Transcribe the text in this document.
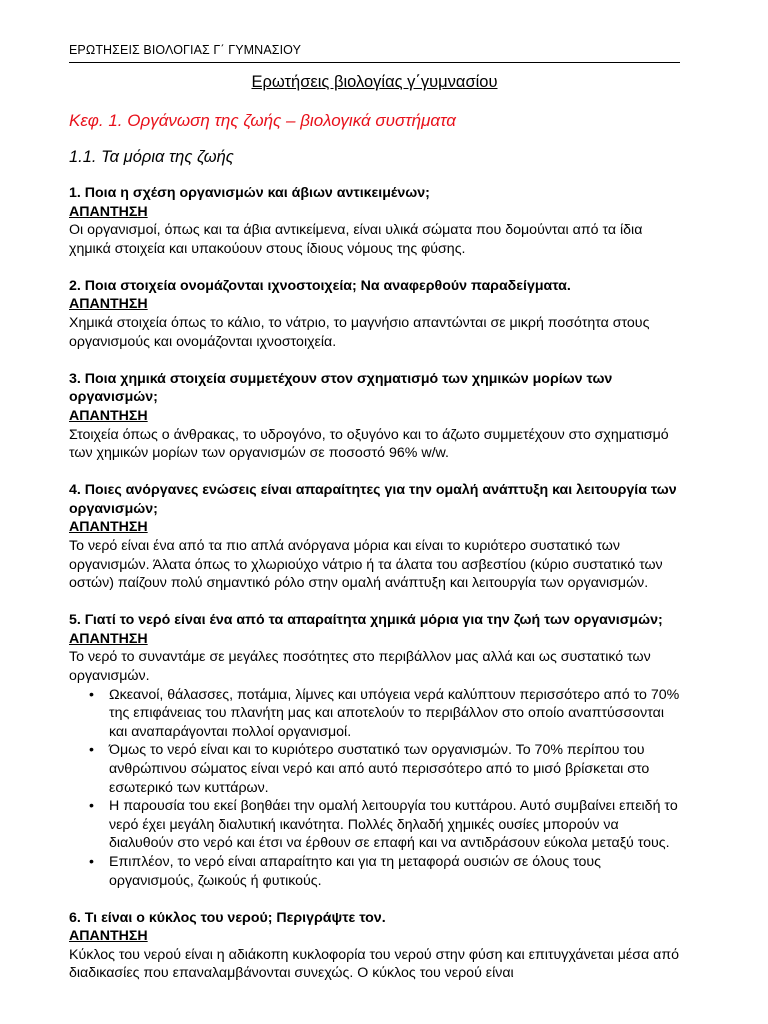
ΕΡΩΤΗΣΕΙΣ ΒΙΟΛΟΓΙΑΣ Γ΄ ΓΥΜΝΑΣΙΟΥ
Ερωτήσεις βιολογίας γ΄γυμνασίου
Κεφ. 1. Οργάνωση της ζωής – βιολογικά συστήματα
1.1. Τα μόρια της ζωής
1. Ποια η σχέση οργανισμών και άβιων αντικειμένων;
ΑΠΑΝΤΗΣΗ
Οι οργανισμοί, όπως και τα άβια αντικείμενα, είναι υλικά σώματα που δομούνται από τα ίδια χημικά στοιχεία και υπακούουν στους ίδιους νόμους της φύσης.
2. Ποια στοιχεία ονομάζονται ιχνοστοιχεία; Να αναφερθούν παραδείγματα.
ΑΠΑΝΤΗΣΗ
Χημικά στοιχεία όπως το κάλιο, το νάτριο, το μαγνήσιο απαντώνται σε μικρή ποσότητα στους οργανισμούς και ονομάζονται ιχνοστοιχεία.
3. Ποια χημικά στοιχεία συμμετέχουν στον σχηματισμό των χημικών μορίων των οργανισμών;
ΑΠΑΝΤΗΣΗ
Στοιχεία όπως ο άνθρακας, το υδρογόνο, το οξυγόνο και το άζωτο συμμετέχουν στο σχηματισμό των χημικών μορίων των οργανισμών σε ποσοστό 96% w/w.
4. Ποιες ανόργανες ενώσεις είναι απαραίτητες για την ομαλή ανάπτυξη και λειτουργία των οργανισμών;
ΑΠΑΝΤΗΣΗ
Το νερό είναι ένα από τα πιο απλά ανόργανα μόρια και είναι το κυριότερο συστατικό των οργανισμών. Άλατα όπως το χλωριούχο νάτριο ή τα άλατα του ασβεστίου (κύριο συστατικό των οστών) παίζουν πολύ σημαντικό ρόλο στην ομαλή ανάπτυξη και λειτουργία των οργανισμών.
5. Γιατί το νερό είναι ένα από τα απαραίτητα χημικά μόρια για την ζωή των οργανισμών;
ΑΠΑΝΤΗΣΗ
Το νερό το συναντάμε σε μεγάλες ποσότητες στο περιβάλλον μας αλλά και ως συστατικό των οργανισμών.
• Ωκεανοί, θάλασσες, ποτάμια, λίμνες και υπόγεια νερά καλύπτουν περισσότερο από το 70% της επιφάνειας του πλανήτη μας και αποτελούν το περιβάλλον στο οποίο αναπτύσσονται και αναπαράγονται πολλοί οργανισμοί.
• Όμως το νερό είναι και το κυριότερο συστατικό των οργανισμών. Το 70% περίπου του ανθρώπινου σώματος είναι νερό και από αυτό περισσότερο από το μισό βρίσκεται στο εσωτερικό των κυττάρων.
• Η παρουσία του εκεί βοηθάει την ομαλή λειτουργία του κυττάρου. Αυτό συμβαίνει επειδή το νερό έχει μεγάλη διαλυτική ικανότητα. Πολλές δηλαδή χημικές ουσίες μπορούν να διαλυθούν στο νερό και έτσι να έρθουν σε επαφή και να αντιδράσουν εύκολα μεταξύ τους.
• Επιπλέον, το νερό είναι απαραίτητο και για τη μεταφορά ουσιών σε όλους τους οργανισμούς, ζωικούς ή φυτικούς.
6. Τι είναι ο κύκλος του νερού; Περιγράψτε τον.
ΑΠΑΝΤΗΣΗ
Κύκλος του νερού είναι η αδιάκοπη κυκλοφορία του νερού στην φύση και επιτυγχάνεται μέσα από διαδικασίες που επαναλαμβάνονται συνεχώς. Ο κύκλος του νερού είναι
